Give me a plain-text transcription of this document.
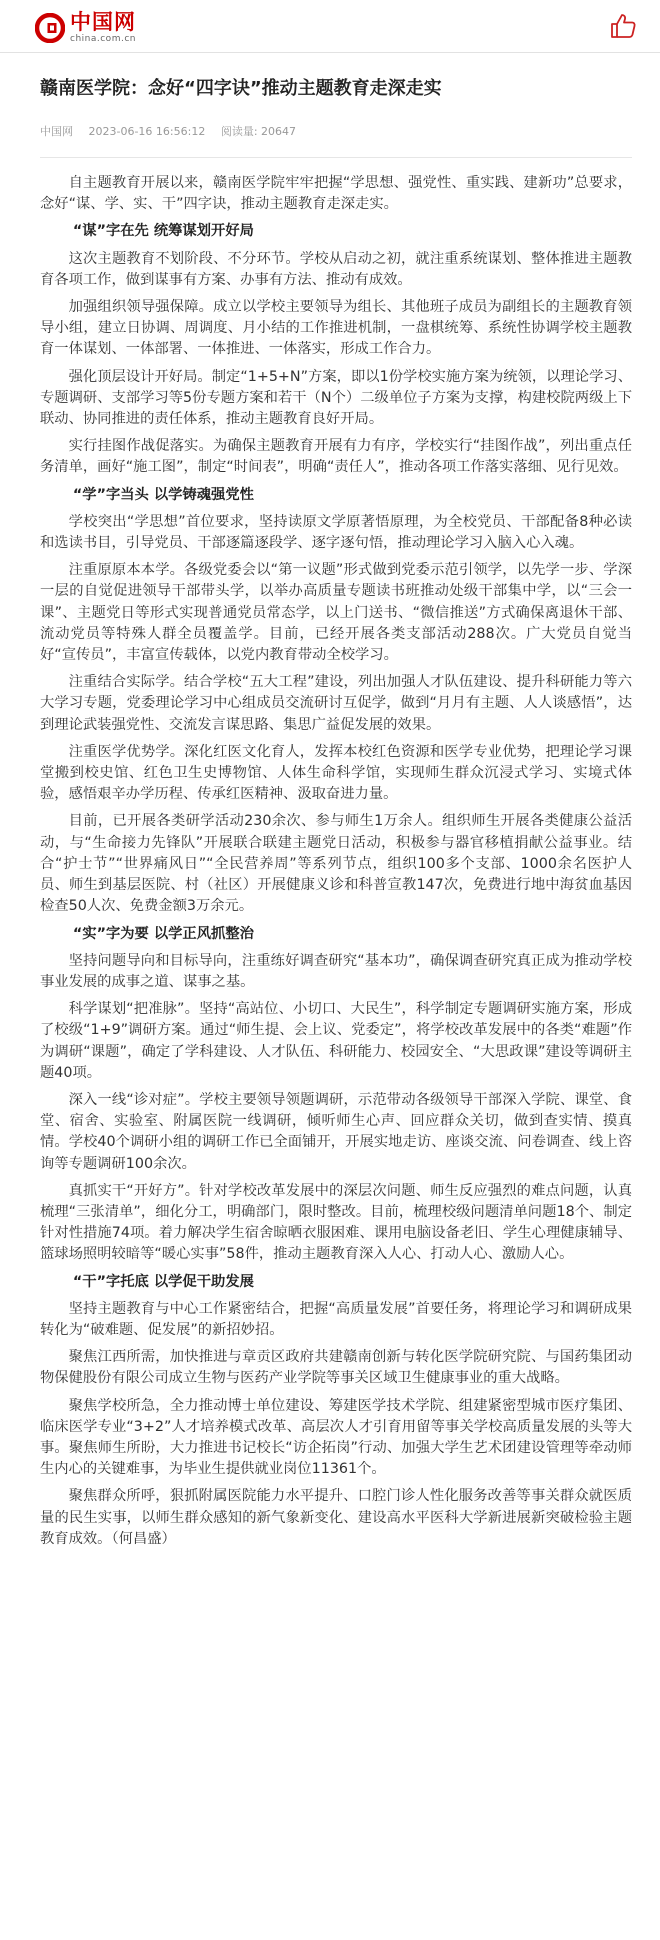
中国网
china.com.cn
赣南医学院：念好“四字诀”推动主题教育走深走实
中国网 2023-06-16 16:56:12 阅读量: 20647

自主题教育开展以来，赣南医学院牢牢把握“学思想、强党性、重实践、建新功”总要求，念好“谋、学、实、干”四字诀，推动主题教育走深走实。

“谋”字在先 统筹谋划开好局

这次主题教育不划阶段、不分环节。学校从启动之初，就注重系统谋划、整体推进主题教育各项工作，做到谋事有方案、办事有方法、推动有成效。

加强组织领导强保障。成立以学校主要领导为组长、其他班子成员为副组长的主题教育领导小组，建立日协调、周调度、月小结的工作推进机制，一盘棋统筹、系统性协调学校主题教育一体谋划、一体部署、一体推进、一体落实，形成工作合力。

强化顶层设计开好局。制定“1+5+N”方案，即以1份学校实施方案为统领，以理论学习、专题调研、支部学习等5份专题方案和若干（N个）二级单位子方案为支撑，构建校院两级上下联动、协同推进的责任体系，推动主题教育良好开局。

实行挂图作战促落实。为确保主题教育开展有力有序，学校实行“挂图作战”，列出重点任务清单，画好“施工图”，制定“时间表”，明确“责任人”，推动各项工作落实落细、见行见效。

“学”字当头 以学铸魂强党性

学校突出“学思想”首位要求，坚持读原文学原著悟原理，为全校党员、干部配备8种必读和选读书目，引导党员、干部逐篇逐段学、逐字逐句悟，推动理论学习入脑入心入魂。

注重原原本本学。各级党委会以“第一议题”形式做到党委示范引领学，以先学一步、学深一层的自觉促进领导干部带头学，以举办高质量专题读书班推动处级干部集中学，以“三会一课”、主题党日等形式实现普通党员常态学，以上门送书、“微信推送”方式确保离退休干部、流动党员等特殊人群全员覆盖学。目前，已经开展各类支部活动288次。广大党员自觉当好“宣传员”，丰富宣传载体，以党内教育带动全校学习。

注重结合实际学。结合学校“五大工程”建设，列出加强人才队伍建设、提升科研能力等六大学习专题，党委理论学习中心组成员交流研讨互促学，做到“月月有主题、人人谈感悟”，达到理论武装强党性、交流发言谋思路、集思广益促发展的效果。

注重医学优势学。深化红医文化育人，发挥本校红色资源和医学专业优势，把理论学习课堂搬到校史馆、红色卫生史博物馆、人体生命科学馆，实现师生群众沉浸式学习、实境式体验，感悟艰辛办学历程、传承红医精神、汲取奋进力量。

目前，已开展各类研学活动230余次、参与师生1万余人。组织师生开展各类健康公益活动，与“生命接力先锋队”开展联合联建主题党日活动，积极参与器官移植捐献公益事业。结合“护士节”“世界痛风日”“全民营养周”等系列节点，组织100多个支部、1000余名医护人员、师生到基层医院、村（社区）开展健康义诊和科普宣教147次，免费进行地中海贫血基因检查50人次、免费金额3万余元。

“实”字为要 以学正风抓整治

坚持问题导向和目标导向，注重练好调查研究“基本功”，确保调查研究真正成为推动学校事业发展的成事之道、谋事之基。

科学谋划“把准脉”。坚持“高站位、小切口、大民生”，科学制定专题调研实施方案，形成了校级“1+9”调研方案。通过“师生提、会上议、党委定”，将学校改革发展中的各类“难题”作为调研“课题”，确定了学科建设、人才队伍、科研能力、校园安全、“大思政课”建设等调研主题40项。

深入一线“诊对症”。学校主要领导领题调研，示范带动各级领导干部深入学院、课堂、食堂、宿舍、实验室、附属医院一线调研，倾听师生心声、回应群众关切，做到查实情、摸真情。学校40个调研小组的调研工作已全面铺开，开展实地走访、座谈交流、问卷调查、线上咨询等专题调研100余次。

真抓实干“开好方”。针对学校改革发展中的深层次问题、师生反应强烈的难点问题，认真梳理“三张清单”，细化分工，明确部门，限时整改。目前，梳理校级问题清单问题18个、制定针对性措施74项。着力解决学生宿舍晾晒衣服困难、课用电脑设备老旧、学生心理健康辅导、篮球场照明较暗等“暖心实事”58件，推动主题教育深入人心、打动人心、激励人心。

“干”字托底 以学促干助发展

坚持主题教育与中心工作紧密结合，把握“高质量发展”首要任务，将理论学习和调研成果转化为“破难题、促发展”的新招妙招。

聚焦江西所需，加快推进与章贡区政府共建赣南创新与转化医学院研究院、与国药集团动物保健股份有限公司成立生物与医药产业学院等事关区域卫生健康事业的重大战略。

聚焦学校所急，全力推动博士单位建设、筹建医学技术学院、组建紧密型城市医疗集团、临床医学专业“3+2”人才培养模式改革、高层次人才引育用留等事关学校高质量发展的头等大事。聚焦师生所盼，大力推进书记校长“访企拓岗”行动、加强大学生艺术团建设管理等牵动师生内心的关键难事，为毕业生提供就业岗位11361个。

聚焦群众所呼，狠抓附属医院能力水平提升、口腔门诊人性化服务改善等事关群众就医质量的民生实事，以师生群众感知的新气象新变化、建设高水平医科大学新进展新突破检验主题教育成效。（何昌盛）
